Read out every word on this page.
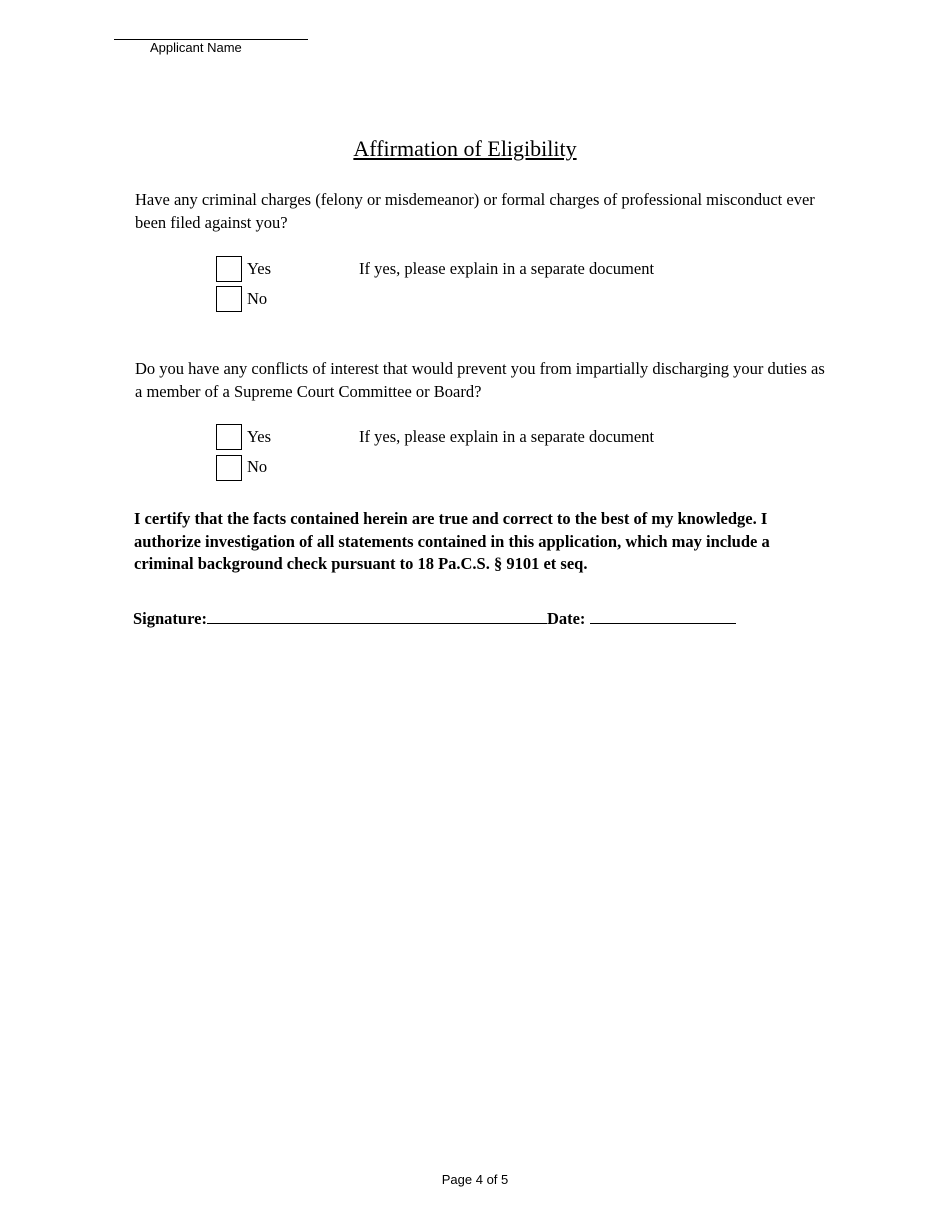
Applicant Name
Affirmation of Eligibility
Have any criminal charges (felony or misdemeanor) or formal charges of professional misconduct ever been filed against you?
Yes	If yes, please explain in a separate document
No
Do you have any conflicts of interest that would prevent you from impartially discharging your duties as a member of a Supreme Court Committee or Board?
Yes	If yes, please explain in a separate document
No
I certify that the facts contained herein are true and correct to the best of my knowledge. I authorize investigation of all statements contained in this application, which may include a criminal background check pursuant to 18 Pa.C.S. § 9101 et seq.
Signature:	Date:
Page 4 of 5
